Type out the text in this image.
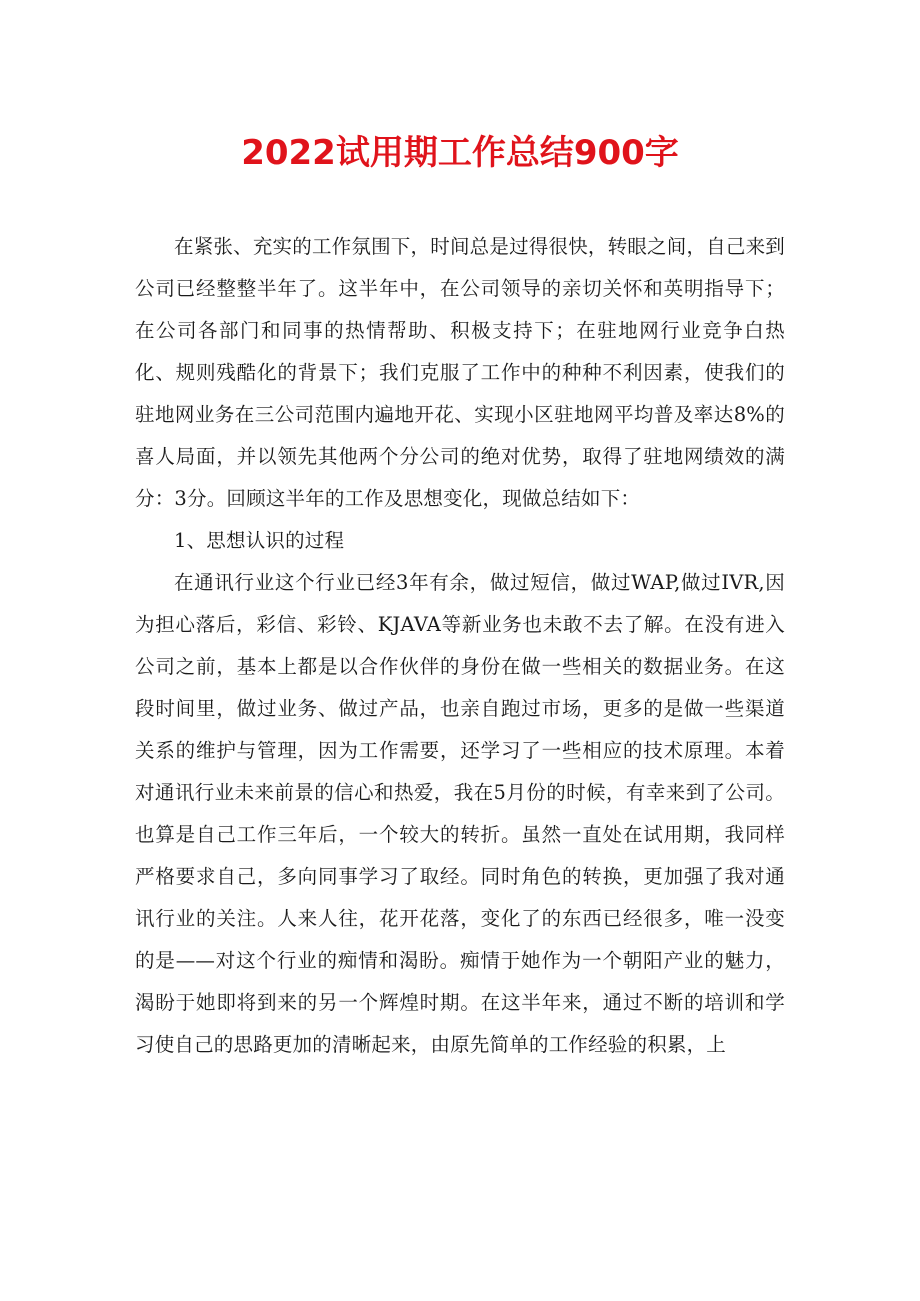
2022试用期工作总结900字

在紧张、充实的工作氛围下，时间总是过得很快，转眼之间，自己来到公司已经整整半年了。这半年中，在公司领导的亲切关怀和英明指导下；在公司各部门和同事的热情帮助、积极支持下；在驻地网行业竞争白热化、规则残酷化的背景下；我们克服了工作中的种种不利因素，使我们的驻地网业务在三公司范围内遍地开花、实现小区驻地网平均普及率达8%的喜人局面，并以领先其他两个分公司的绝对优势，取得了驻地网绩效的满分：3分。回顾这半年的工作及思想变化，现做总结如下：

1、思想认识的过程

在通讯行业这个行业已经3年有余，做过短信，做过WAP,做过IVR,因为担心落后，彩信、彩铃、KJAVA等新业务也未敢不去了解。在没有进入公司之前，基本上都是以合作伙伴的身份在做一些相关的数据业务。在这段时间里，做过业务、做过产品，也亲自跑过市场，更多的是做一些渠道关系的维护与管理，因为工作需要，还学习了一些相应的技术原理。本着对通讯行业未来前景的信心和热爱，我在5月份的时候，有幸来到了公司。也算是自己工作三年后，一个较大的转折。虽然一直处在试用期，我同样严格要求自己，多向同事学习了取经。同时角色的转换，更加强了我对通讯行业的关注。人来人往，花开花落，变化了的东西已经很多，唯一没变的是——对这个行业的痴情和渴盼。痴情于她作为一个朝阳产业的魅力，渴盼于她即将到来的另一个辉煌时期。在这半年来，通过不断的培训和学习使自己的思路更加的清晰起来，由原先简单的工作经验的积累，上
